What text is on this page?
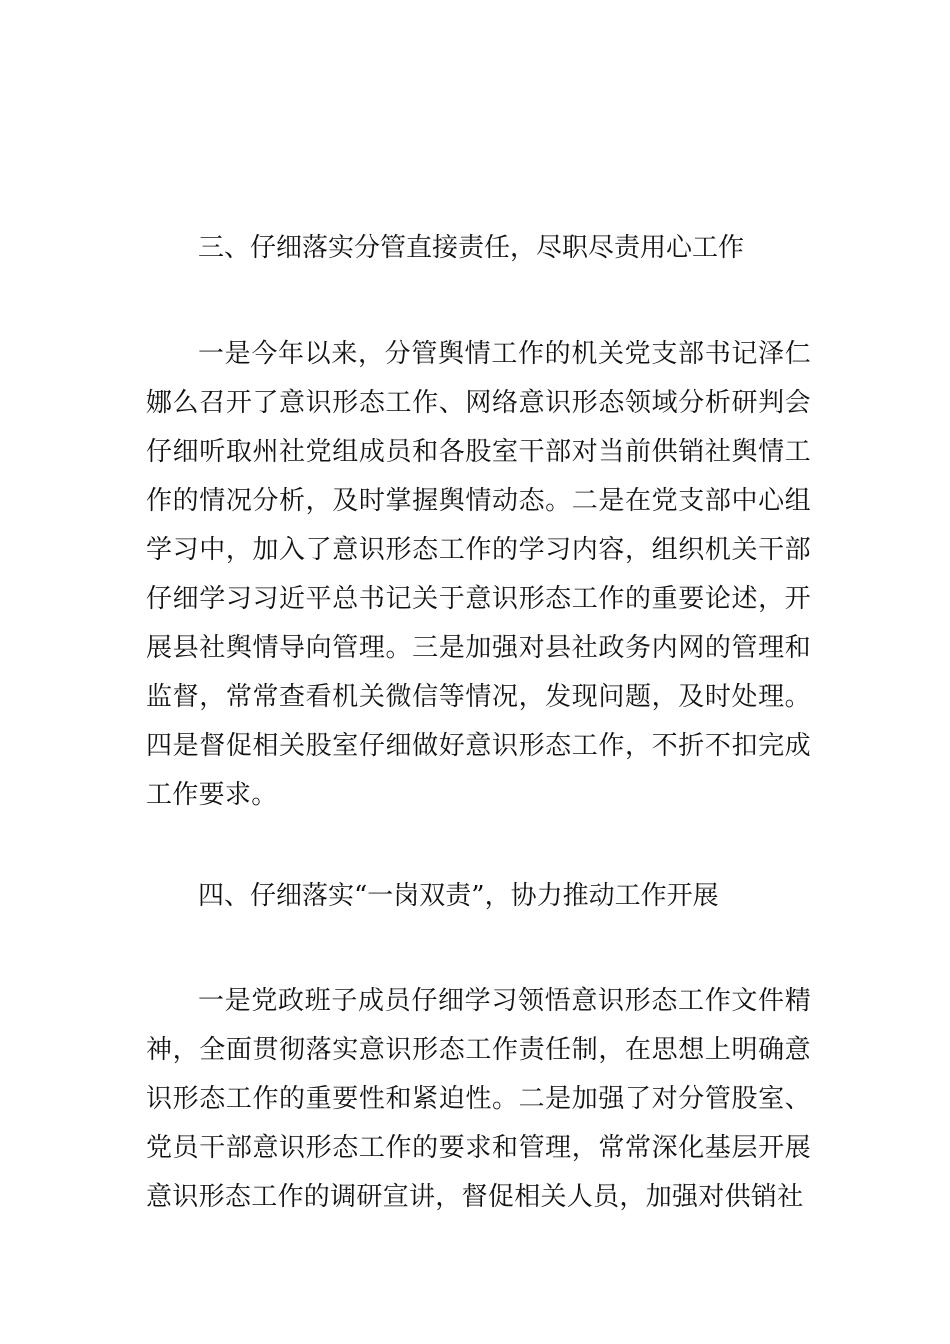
三、仔细落实分管直接责任，尽职尽责用心工作

一是今年以来，分管舆情工作的机关党支部书记泽仁娜么召开了意识形态工作、网络意识形态领域分析研判会仔细听取州社党组成员和各股室干部对当前供销社舆情工作的情况分析，及时掌握舆情动态。二是在党支部中心组学习中，加入了意识形态工作的学习内容，组织机关干部仔细学习习近平总书记关于意识形态工作的重要论述，开展县社舆情导向管理。三是加强对县社政务内网的管理和监督，常常查看机关微信等情况，发现问题，及时处理。四是督促相关股室仔细做好意识形态工作，不折不扣完成工作要求。

四、仔细落实“一岗双责”，协力推动工作开展

一是党政班子成员仔细学习领悟意识形态工作文件精神，全面贯彻落实意识形态工作责任制，在思想上明确意识形态工作的重要性和紧迫性。二是加强了对分管股室、党员干部意识形态工作的要求和管理，常常深化基层开展意识形态工作的调研宣讲，督促相关人员，加强对供销社
